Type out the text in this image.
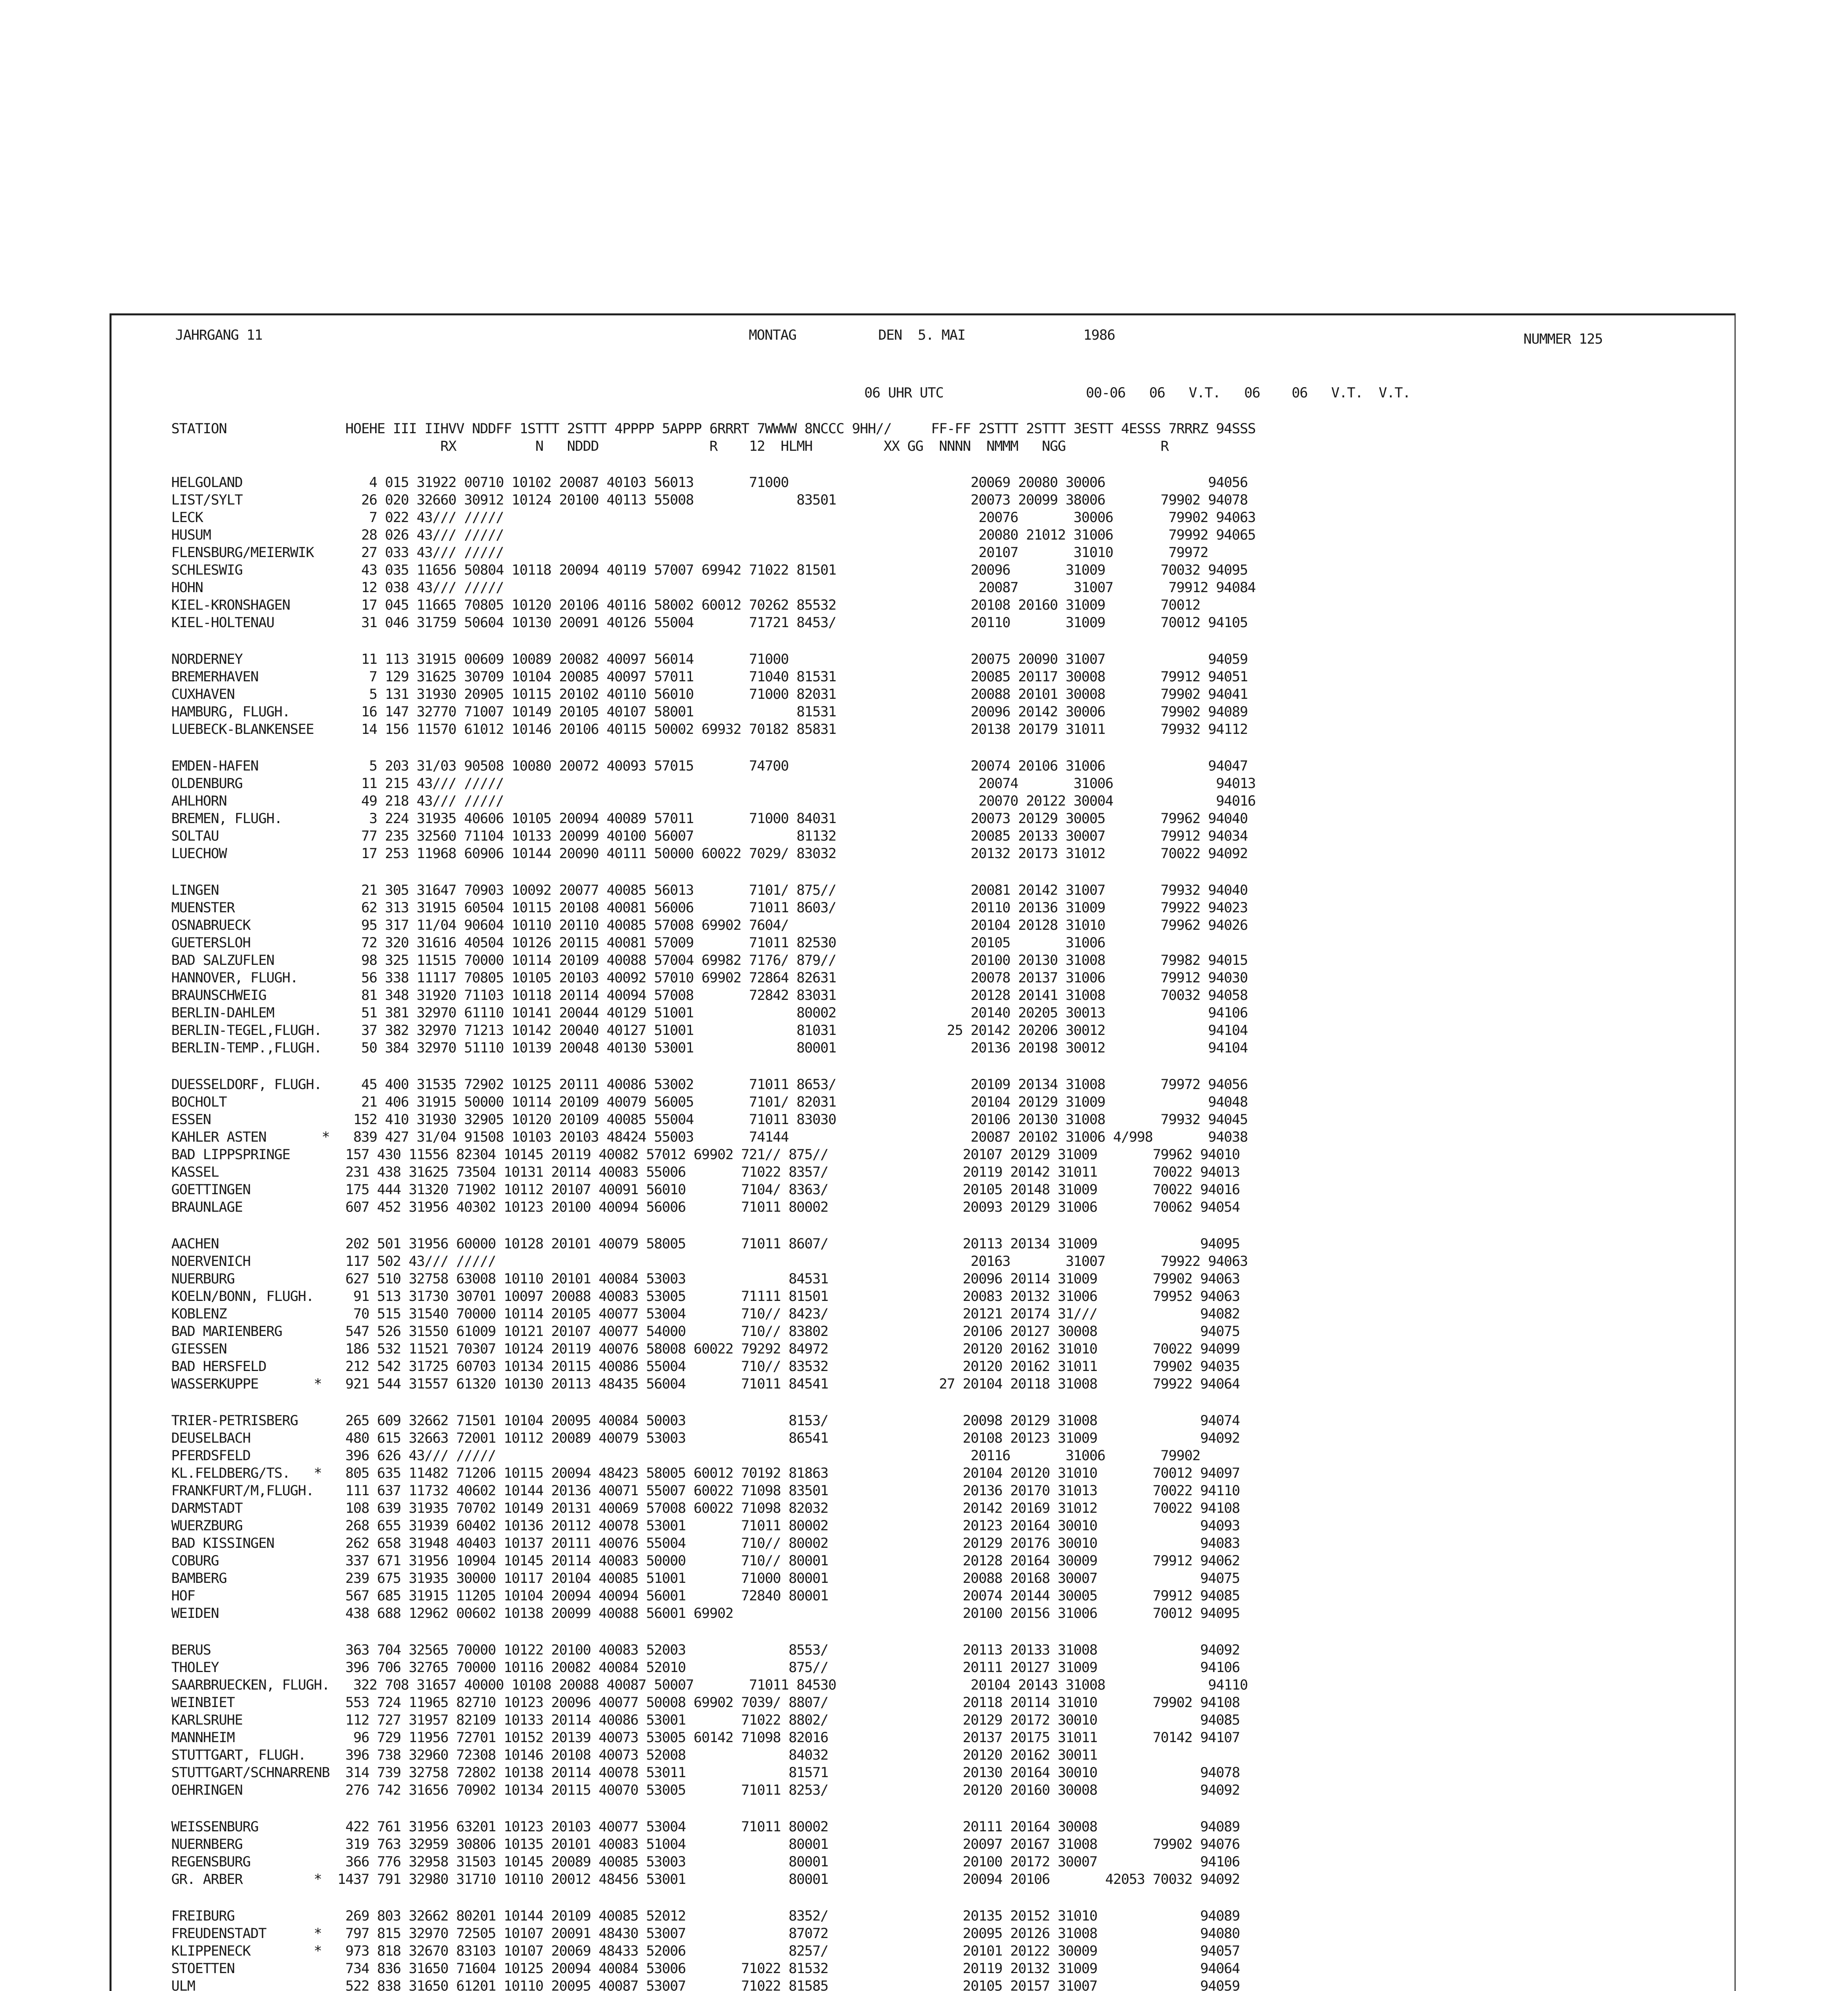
JAHRGANG 11	MONTAG	DEN  5. MAI	1986	NUMMER 125
06 UHR UTC                  00-06   06   V.T.   06    06   V.T.  V.T.
STATION               HOEHE III IIHVV NDDFF 1STTT 2STTT 4PPPP 5APPP 6RRRT 7WWWW 8NCCC 9HH//     FF-FF 2STTT 2STTT 3ESTT 4ESSS 7RRRZ 94SSS
RX          N   NDDD              R    12  HLMH         XX GG  NNNN  NMMM   NGG            R
HELGOLAND                4 015 31922 00710 10102 20087 40103 56013       71000                       20069 20080 30006             94056
LIST/SYLT               26 020 32660 30912 10124 20100 40113 55008             83501                 20073 20099 38006       79902 94078
LECK                     7 022 43/// /////                                                            20076       30006       79902 94063
HUSUM                   28 026 43/// /////                                                            20080 21012 31006       79992 94065
FLENSBURG/MEIERWIK      27 033 43/// /////                                                            20107       31010       79972
SCHLESWIG               43 035 11656 50804 10118 20094 40119 57007 69942 71022 81501                 20096       31009       70032 94095
HOHN                    12 038 43/// /////                                                            20087       31007       79912 94084
KIEL-KRONSHAGEN         17 045 11665 70805 10120 20106 40116 58002 60012 70262 85532                 20108 20160 31009       70012
KIEL-HOLTENAU           31 046 31759 50604 10130 20091 40126 55004       71721 8453/                 20110       31009       70012 94105
NORDERNEY               11 113 31915 00609 10089 20082 40097 56014       71000                       20075 20090 31007             94059
BREMERHAVEN              7 129 31625 30709 10104 20085 40097 57011       71040 81531                 20085 20117 30008       79912 94051
CUXHAVEN                 5 131 31930 20905 10115 20102 40110 56010       71000 82031                 20088 20101 30008       79902 94041
HAMBURG, FLUGH.         16 147 32770 71007 10149 20105 40107 58001             81531                 20096 20142 30006       79902 94089
LUEBECK-BLANKENSEE      14 156 11570 61012 10146 20106 40115 50002 69932 70182 85831                 20138 20179 31011       79932 94112
EMDEN-HAFEN              5 203 31/03 90508 10080 20072 40093 57015       74700                       20074 20106 31006             94047
OLDENBURG               11 215 43/// /////                                                            20074       31006             94013
AHLHORN                 49 218 43/// /////                                                            20070 20122 30004             94016
BREMEN, FLUGH.           3 224 31935 40606 10105 20094 40089 57011       71000 84031                 20073 20129 30005       79962 94040
SOLTAU                  77 235 32560 71104 10133 20099 40100 56007             81132                 20085 20133 30007       79912 94034
LUECHOW                 17 253 11968 60906 10144 20090 40111 50000 60022 7029/ 83032                 20132 20173 31012       70022 94092
LINGEN                  21 305 31647 70903 10092 20077 40085 56013       7101/ 875//                 20081 20142 31007       79932 94040
MUENSTER                62 313 31915 60504 10115 20108 40081 56006       71011 8603/                 20110 20136 31009       79922 94023
OSNABRUECK              95 317 11/04 90604 10110 20110 40085 57008 69902 7604/                       20104 20128 31010       79962 94026
GUETERSLOH              72 320 31616 40504 10126 20115 40081 57009       71011 82530                 20105       31006
BAD SALZUFLEN           98 325 11515 70000 10114 20109 40088 57004 69982 7176/ 879//                 20100 20130 31008       79982 94015
HANNOVER, FLUGH.        56 338 11117 70805 10105 20103 40092 57010 69902 72864 82631                 20078 20137 31006       79912 94030
BRAUNSCHWEIG            81 348 31920 71103 10118 20114 40094 57008       72842 83031                 20128 20141 31008       70032 94058
BERLIN-DAHLEM           51 381 32970 61110 10141 20044 40129 51001             80002                 20140 20205 30013             94106
BERLIN-TEGEL,FLUGH.     37 382 32970 71213 10142 20040 40127 51001             81031              25 20142 20206 30012             94104
BERLIN-TEMP.,FLUGH.     50 384 32970 51110 10139 20048 40130 53001             80001                 20136 20198 30012             94104
DUESSELDORF, FLUGH.     45 400 31535 72902 10125 20111 40086 53002       71011 8653/                 20109 20134 31008       79972 94056
BOCHOLT                 21 406 31915 50000 10114 20109 40079 56005       7101/ 82031                 20104 20129 31009             94048
ESSEN                  152 410 31930 32905 10120 20109 40085 55004       71011 83030                 20106 20130 31008       79932 94045
KAHLER ASTEN       *   839 427 31/04 91508 10103 20103 48424 55003       74144                       20087 20102 31006 4/998       94038
BAD LIPPSPRINGE       157 430 11556 82304 10145 20119 40082 57012 69902 721// 875//                 20107 20129 31009       79962 94010
KASSEL                231 438 31625 73504 10131 20114 40083 55006       71022 8357/                 20119 20142 31011       70022 94013
GOETTINGEN            175 444 31320 71902 10112 20107 40091 56010       7104/ 8363/                 20105 20148 31009       70022 94016
BRAUNLAGE             607 452 31956 40302 10123 20100 40094 56006       71011 80002                 20093 20129 31006       70062 94054
AACHEN                202 501 31956 60000 10128 20101 40079 58005       71011 8607/                 20113 20134 31009             94095
NOERVENICH            117 502 43/// /////                                                            20163       31007       79922 94063
NUERBURG              627 510 32758 63008 10110 20101 40084 53003             84531                 20096 20114 31009       79902 94063
KOELN/BONN, FLUGH.     91 513 31730 30701 10097 20088 40083 53005       71111 81501                 20083 20132 31006       79952 94063
KOBLENZ                70 515 31540 70000 10114 20105 40077 53004       710// 8423/                 20121 20174 31///             94082
BAD MARIENBERG        547 526 31550 61009 10121 20107 40077 54000       710// 83802                 20106 20127 30008             94075
GIESSEN               186 532 11521 70307 10124 20119 40076 58008 60022 79292 84972                 20120 20162 31010       70022 94099
BAD HERSFELD          212 542 31725 60703 10134 20115 40086 55004       710// 83532                 20120 20162 31011       79902 94035
WASSERKUPPE       *   921 544 31557 61320 10130 20113 48435 56004       71011 84541              27 20104 20118 31008       79922 94064
TRIER-PETRISBERG      265 609 32662 71501 10104 20095 40084 50003             8153/                 20098 20129 31008             94074
DEUSELBACH            480 615 32663 72001 10112 20089 40079 53003             86541                 20108 20123 31009             94092
PFERDSFELD            396 626 43/// /////                                                            20116       31006       79902
KL.FELDBERG/TS.   *   805 635 11482 71206 10115 20094 48423 58005 60012 70192 81863                 20104 20120 31010       70012 94097
FRANKFURT/M,FLUGH.    111 637 11732 40602 10144 20136 40071 55007 60022 71098 83501                 20136 20170 31013       70022 94110
DARMSTADT             108 639 31935 70702 10149 20131 40069 57008 60022 71098 82032                 20142 20169 31012       70022 94108
WUERZBURG             268 655 31939 60402 10136 20112 40078 53001       71011 80002                 20123 20164 30010             94093
BAD KISSINGEN         262 658 31948 40403 10137 20111 40076 55004       710// 80002                 20129 20176 30010             94083
COBURG                337 671 31956 10904 10145 20114 40083 50000       710// 80001                 20128 20164 30009       79912 94062
BAMBERG               239 675 31935 30000 10117 20104 40085 51001       71000 80001                 20088 20168 30007             94075
HOF                   567 685 31915 11205 10104 20094 40094 56001       72840 80001                 20074 20144 30005       79912 94085
WEIDEN                438 688 12962 00602 10138 20099 40088 56001 69902                             20100 20156 31006       70012 94095
BERUS                 363 704 32565 70000 10122 20100 40083 52003             8553/                 20113 20133 31008             94092
THOLEY                396 706 32765 70000 10116 20082 40084 52010             875//                 20111 20127 31009             94106
SAARBRUECKEN, FLUGH.   322 708 31657 40000 10108 20088 40087 50007       71011 84530                 20104 20143 31008             94110
WEINBIET              553 724 11965 82710 10123 20096 40077 50008 69902 7039/ 8807/                 20118 20114 31010       79902 94108
KARLSRUHE             112 727 31957 82109 10133 20114 40086 53001       71022 8802/                 20129 20172 30010             94085
MANNHEIM               96 729 11956 72701 10152 20139 40073 53005 60142 71098 82016                 20137 20175 31011       70142 94107
STUTTGART, FLUGH.     396 738 32960 72308 10146 20108 40073 52008             84032                 20120 20162 30011
STUTTGART/SCHNARRENB  314 739 32758 72802 10138 20114 40078 53011             81571                 20130 20164 30010             94078
OEHRINGEN             276 742 31656 70902 10134 20115 40070 53005       71011 8253/                 20120 20160 30008             94092
WEISSENBURG           422 761 31956 63201 10123 20103 40077 53004       71011 80002                 20111 20164 30008             94089
NUERNBERG             319 763 32959 30806 10135 20101 40083 51004             80001                 20097 20167 31008       79902 94076
REGENSBURG            366 776 32958 31503 10145 20089 40085 53003             80001                 20100 20172 30007             94106
GR. ARBER         *  1437 791 32980 31710 10110 20012 48456 53001             80001                 20094 20106       42053 70032 94092
FREIBURG              269 803 32662 80201 10144 20109 40085 52012             8352/                 20135 20152 31010             94089
FREUDENSTADT      *   797 815 32970 72505 10107 20091 48430 53007             87072                 20095 20126 31008             94080
KLIPPENECK        *   973 818 32670 83103 10107 20069 48433 52006             8257/                 20101 20122 30009             94057
STOETTEN              734 836 31650 71604 10125 20094 40084 53006       71022 81532                 20119 20132 31009             94064
ULM                   522 838 31650 61201 10110 20095 40087 53007       71022 81585                 20105 20157 31007             94059
